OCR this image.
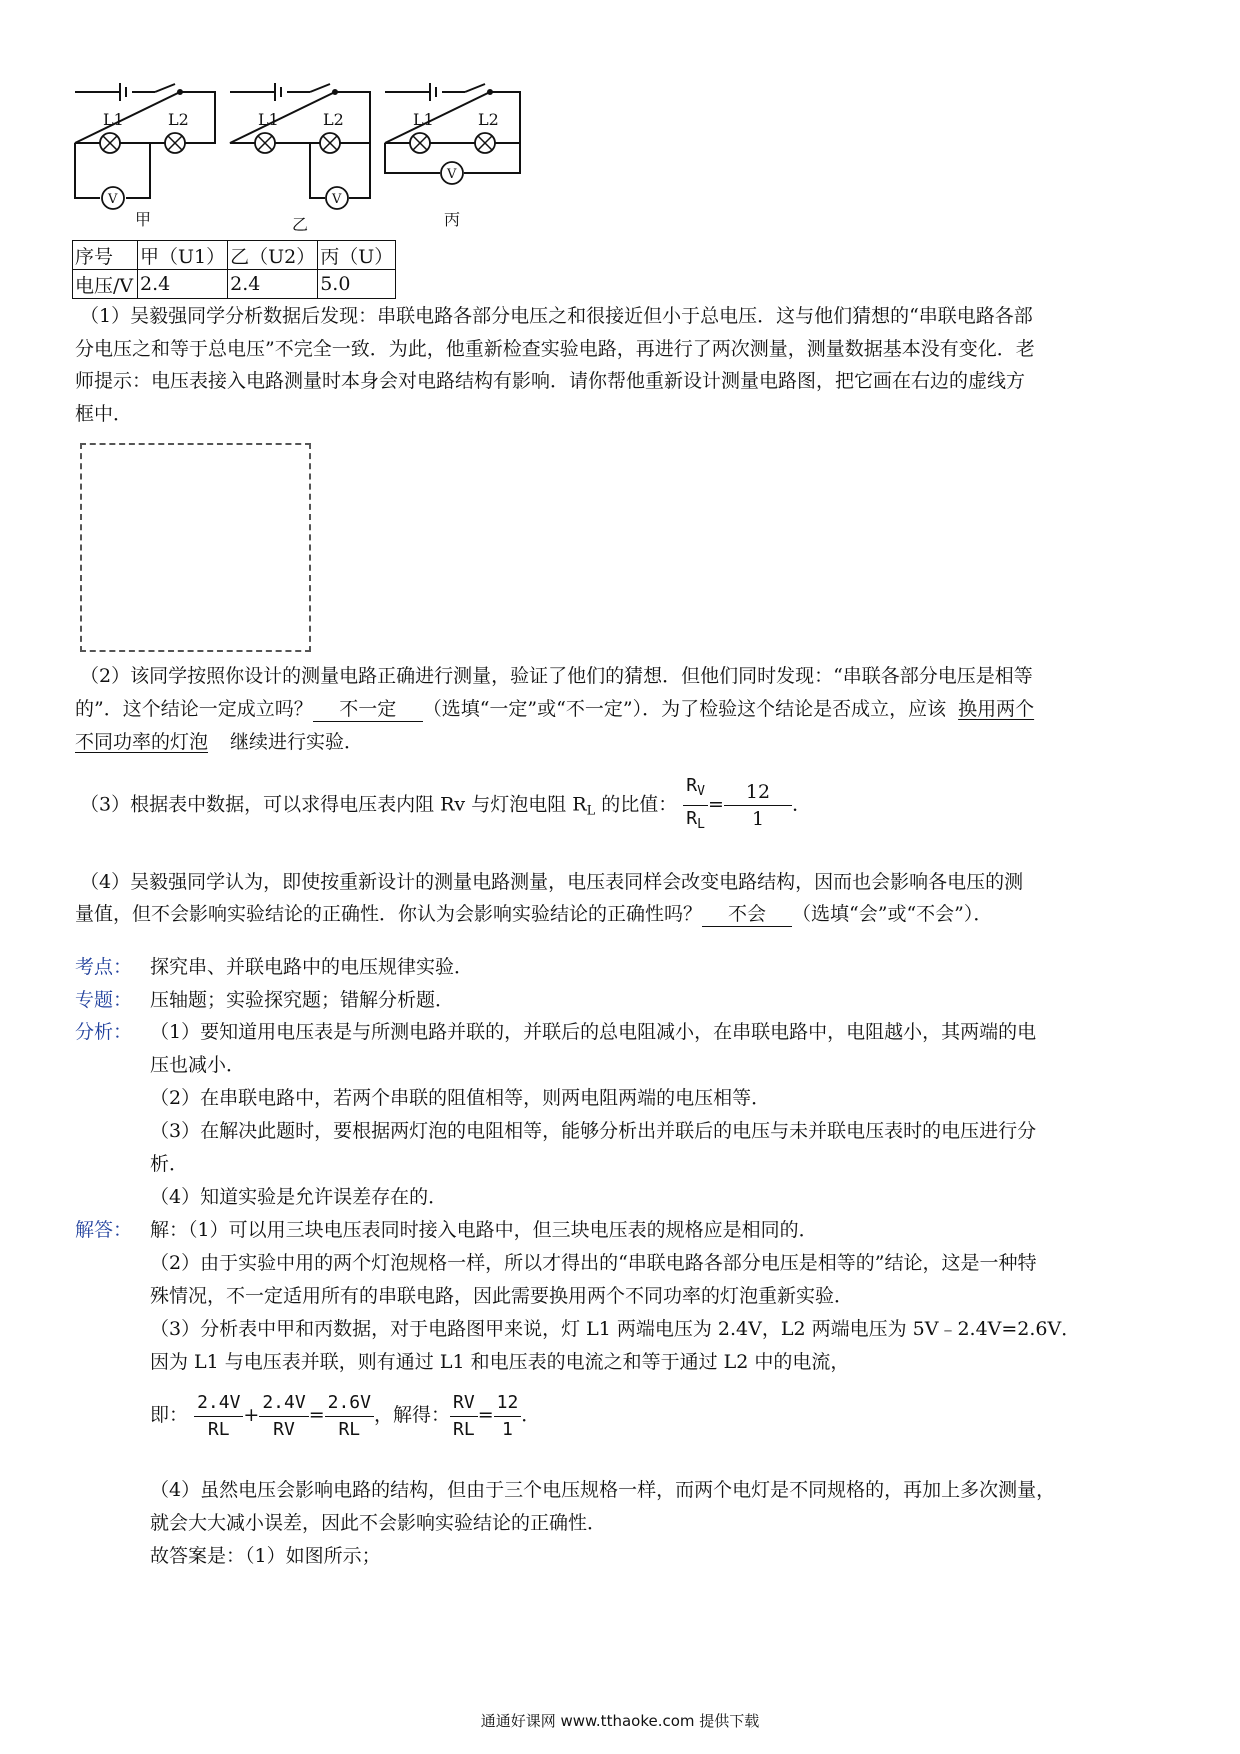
L1	L2	L1	L2	L1	L2
V	V
V
甲	乙	丙
序号	甲（U1）	乙（U2）	丙（U）
电压/V	2.4	2.4	5.0
（1）吴毅强同学分析数据后发现：串联电路各部分电压之和很接近但小于总电压．这与他们猜想的“串联电路各部
分电压之和等于总电压”不完全一致．为此，他重新检查实验电路，再进行了两次测量，测量数据基本没有变化．老
师提示：电压表接入电路测量时本身会对电路结构有影响．请你帮他重新设计测量电路图，把它画在右边的虚线方
框中．
（2）该同学按照你设计的测量电路正确进行测量，验证了他们的猜想．但他们同时发现：“串联各部分电压是相等
的”．这个结论一定成立吗？ 不一定 （选填“一定”或“不一定”）．为了检验这个结论是否成立，应该 换用两个
不同功率的灯泡 继续进行实验．
（3）根据表中数据，可以求得电压表内阻 Rv 与灯泡电阻 $R_L$ 的比值： $\frac{R_V}{R_L} = \frac{12}{1}$ ．
（4）吴毅强同学认为，即使按重新设计的测量电路测量，电压表同样会改变电路结构，因而也会影响各电压的测
量值，但不会影响实验结论的正确性．你认为会影响实验结论的正确性吗？ 不会 （选填“会”或“不会”）．
考点： 探究串、并联电路中的电压规律实验．
专题： 压轴题；实验探究题；错解分析题．
分析： （1）要知道用电压表是与所测电路并联的，并联后的总电阻减小，在串联电路中，电阻越小，其两端的电
压也减小．
（2）在串联电路中，若两个串联的阻值相等，则两电阻两端的电压相等．
（3）在解决此题时，要根据两灯泡的电阻相等，能够分析出并联后的电压与未并联电压表时的电压进行分
析．
（4）知道实验是允许误差存在的．
解答： 解：（1）可以用三块电压表同时接入电路中，但三块电压表的规格应是相同的．
（2）由于实验中用的两个灯泡规格一样，所以才得出的“串联电路各部分电压是相等的”结论，这是一种特
殊情况，不一定适用所有的串联电路，因此需要换用两个不同功率的灯泡重新实验．
（3）分析表中甲和丙数据，对于电路图甲来说，灯 L1 两端电压为 2.4V，L2 两端电压为 5V﹣2.4V=2.6V．
因为 L1 与电压表并联，则有通过 L1 和电压表的电流之和等于通过 L2 中的电流，
即： $\frac{2.4V}{RL} + \frac{2.4V}{RV} = \frac{2.6V}{RL}$ ，解得： $\frac{RV}{RL} = \frac{12}{1}$ ．
（4）虽然电压会影响电路的结构，但由于三个电压规格一样，而两个电灯是不同规格的，再加上多次测量，
就会大大减小误差，因此不会影响实验结论的正确性．
故答案是：（1）如图所示；
通通好课网 www.tthaoke.com 提供下载
